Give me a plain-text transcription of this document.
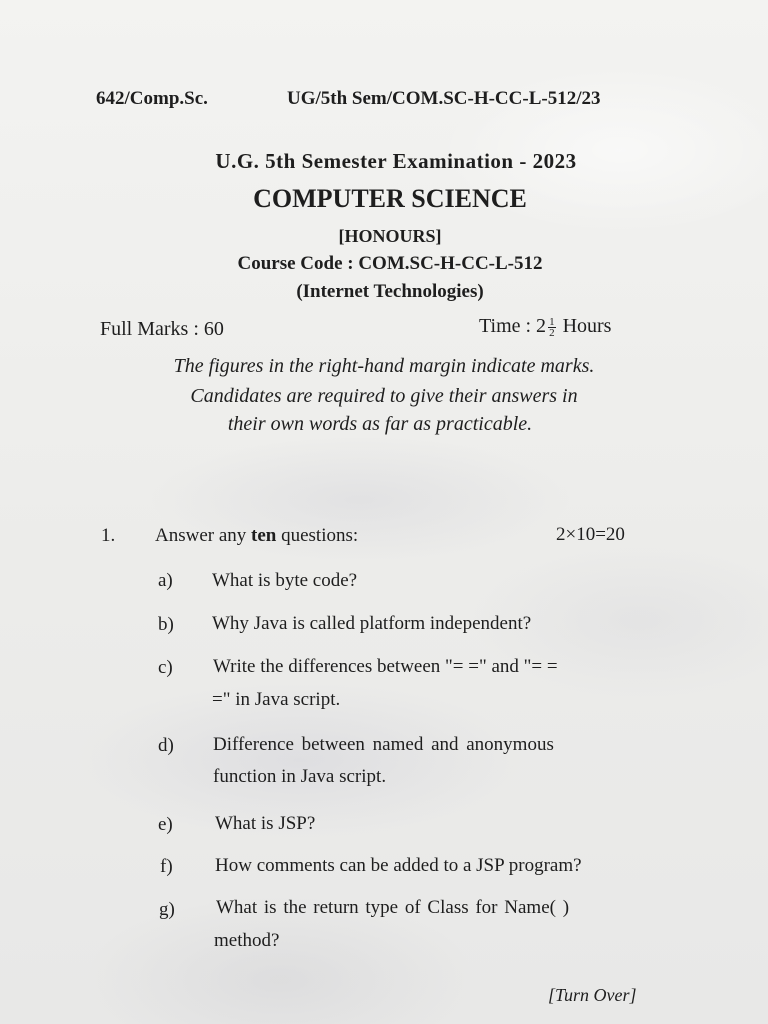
642/Comp.Sc.	UG/5th Sem/COM.SC-H-CC-L-512/23
U.G. 5th Semester Examination - 2023
COMPUTER SCIENCE
[HONOURS]
Course Code : COM.SC-H-CC-L-512
(Internet Technologies)
Full Marks : 60	Time : $2 \frac{1}{2}$ Hours
The figures in the right-hand margin indicate marks.
Candidates are required to give their answers in
their own words as far as practicable.
1. Answer any ten questions:	2×10=20
a) What is byte code?
b) Why Java is called platform independent?
c) Write the differences between "= =" and "= =
=" in Java script.
d) Difference between named and anonymous
function in Java script.
e) What is JSP?
f) How comments can be added to a JSP program?
g) What is the return type of Class for Name( )
method?
[Turn Over]
